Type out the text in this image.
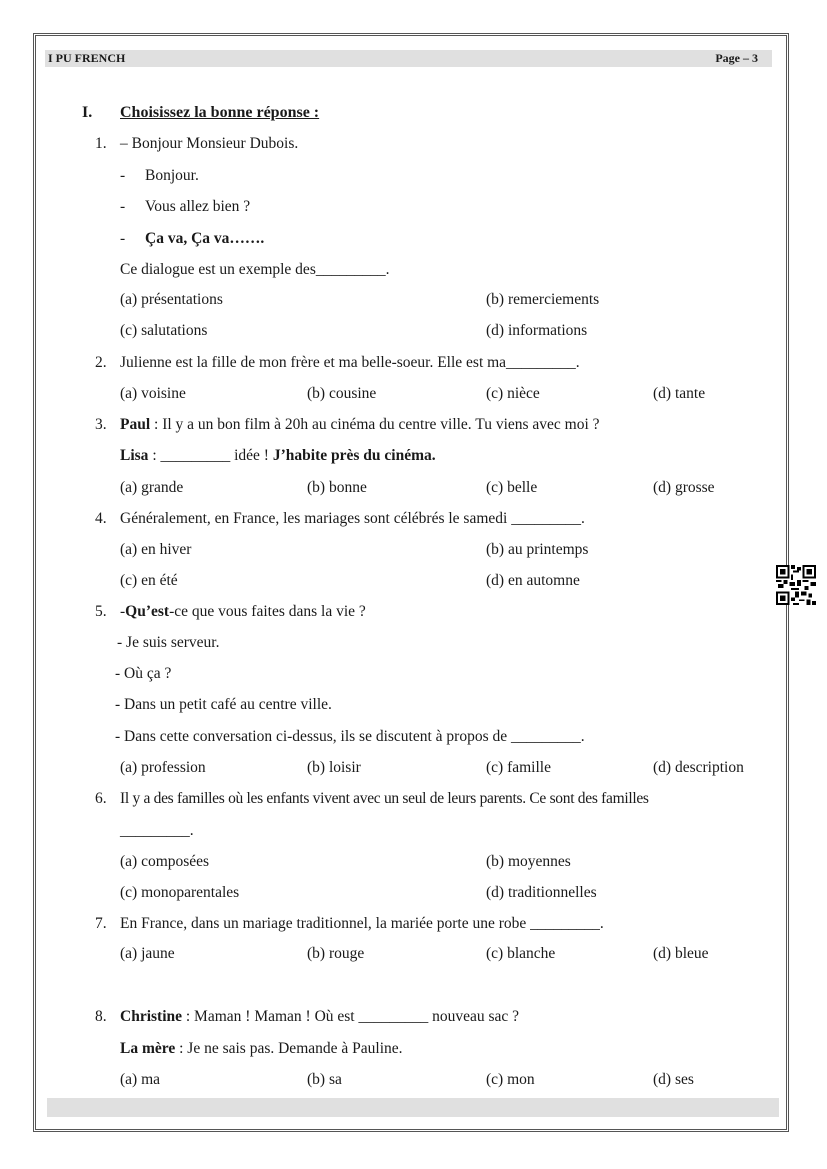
I PU FRENCH	Page – 3
I. Choisissez la bonne réponse :
1. – Bonjour Monsieur Dubois.
- Bonjour.
- Vous allez bien ?
- Ça va, Ça va…….
Ce dialogue est un exemple des_________.
(a) présentations	(b) remerciements
(c) salutations	(d) informations
2. Julienne est la fille de mon frère et ma belle-soeur. Elle est ma_________.
(a) voisine	(b) cousine	(c) nièce	(d) tante
3. Paul : Il y a un bon film à 20h au cinéma du centre ville. Tu viens avec moi ?
Lisa : _________ idée ! J’habite près du cinéma.
(a) grande	(b) bonne	(c) belle	(d) grosse
4. Généralement, en France, les mariages sont célébrés le samedi _________.
(a) en hiver	(b) au printemps
(c) en été	(d) en automne
5. -Qu’est-ce que vous faites dans la vie ?
- Je suis serveur.
- Où ça ?
- Dans un petit café au centre ville.
- Dans cette conversation ci-dessus, ils se discutent à propos de _________.
(a) profession	(b) loisir	(c) famille	(d) description
6. Il y a des familles où les enfants vivent avec un seul de leurs parents. Ce sont des familles
_________.
(a) composées	(b) moyennes
(c) monoparentales	(d) traditionnelles
7. En France, dans un mariage traditionnel, la mariée porte une robe _________.
(a) jaune	(b) rouge	(c) blanche	(d) bleue
8. Christine : Maman ! Maman ! Où est _________ nouveau sac ?
La mère : Je ne sais pas. Demande à Pauline.
(a) ma	(b) sa	(c) mon	(d) ses
